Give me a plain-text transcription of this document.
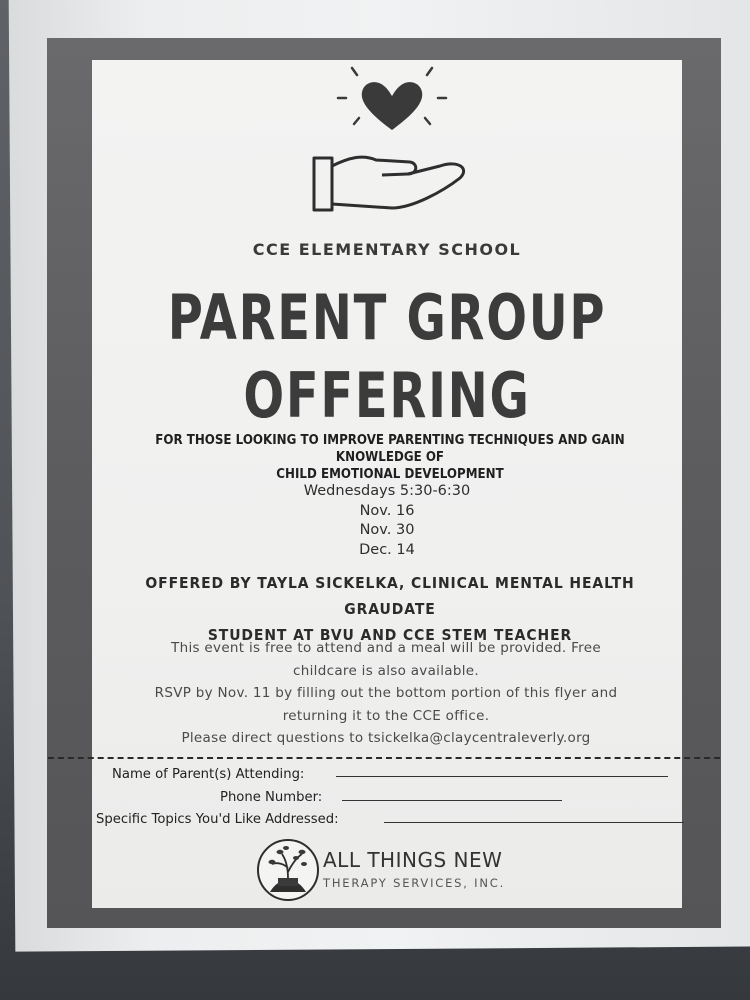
CCE ELEMENTARY SCHOOL
PARENT GROUP
OFFERING
FOR THOSE LOOKING TO IMPROVE PARENTING TECHNIQUES AND GAIN KNOWLEDGE OF
CHILD EMOTIONAL DEVELOPMENT
Wednesdays 5:30-6:30
Nov. 16
Nov. 30
Dec. 14
OFFERED BY TAYLA SICKELKA, CLINICAL MENTAL HEALTH GRAUDATE
STUDENT AT BVU AND CCE STEM TEACHER
This event is free to attend and a meal will be provided. Free
childcare is also available.
RSVP by Nov. 11 by filling out the bottom portion of this flyer and
returning it to the CCE office.
Please direct questions to tsickelka@claycentraleverly.org
Name of Parent(s) Attending:
Phone Number:
Specific Topics You'd Like Addressed:
ALL THINGS NEW
THERAPY SERVICES, INC.
